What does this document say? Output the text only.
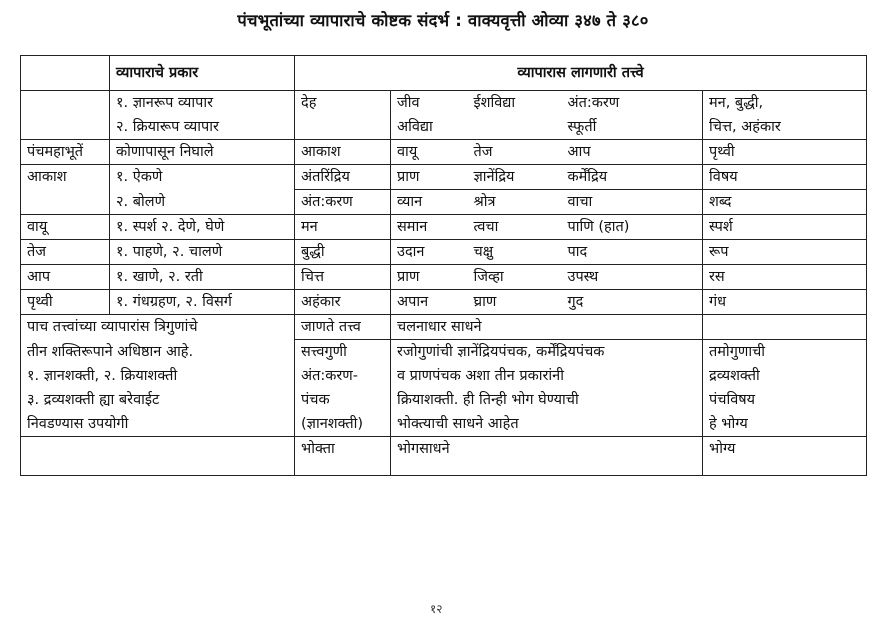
पंचभूतांच्या व्यापाराचे कोष्टक संदर्भ : वाक्यवृत्ती ओव्या ३४७ ते ३८०
	व्यापाराचे प्रकार	व्यापारास लागणारी तत्त्वे				
	१. ज्ञानरूप व्यापार	देह	जीव	ईशविद्या	अंत:करण	मन, बुद्धी,
	२. क्रियारूप व्यापार		अविद्या		स्फूर्ती	चित्त, अहंकार
पंचमहाभूतें	कोणापासून निघाले	आकाश	वायू	तेज	आप	पृथ्वी
आकाश	१. ऐकणे	अंतरिंद्रिय	प्राण	ज्ञानेंद्रिय	कर्मेंद्रिय	विषय
	२. बोलणे	अंत:करण	व्यान	श्रोत्र	वाचा	शब्द
वायू	१. स्पर्श २. देणे, घेणे	मन	समान	त्वचा	पाणि (हात)	स्पर्श
तेज	१. पाहणे, २. चालणे	बुद्धी	उदान	चक्षु	पाद	रूप
आप	१. खाणे, २. रती	चित्त	प्राण	जिव्हा	उपस्थ	रस
पृथ्वी	१. गंधग्रहण, २. विसर्ग	अहंकार	अपान	घ्राण	गुद	गंध
पाच तत्त्वांच्या व्यापारांस त्रिगुणांचे		जाणते तत्त्व	चलनाधार साधने			
तीन शक्तिरूपाने अधिष्ठान आहे.		सत्त्वगुणी	रजोगुणांची ज्ञानेंद्रियपंचक, कर्मेंद्रियपंचक			तमोगुणाची
१. ज्ञानशक्ती, २. क्रियाशक्ती		अंत:करण-	व प्राणपंचक अशा तीन प्रकारांनी			द्रव्यशक्ती
३. द्रव्यशक्ती ह्या बरेवाईट		पंचक	क्रियाशक्ती. ही तिन्ही भोग घेण्याची			पंचविषय
निवडण्यास उपयोगी		(ज्ञानशक्ती)	भोक्त्याची साधने आहेत			हे भोग्य
		भोक्ता	भोगसाधने			भोग्य
१२
